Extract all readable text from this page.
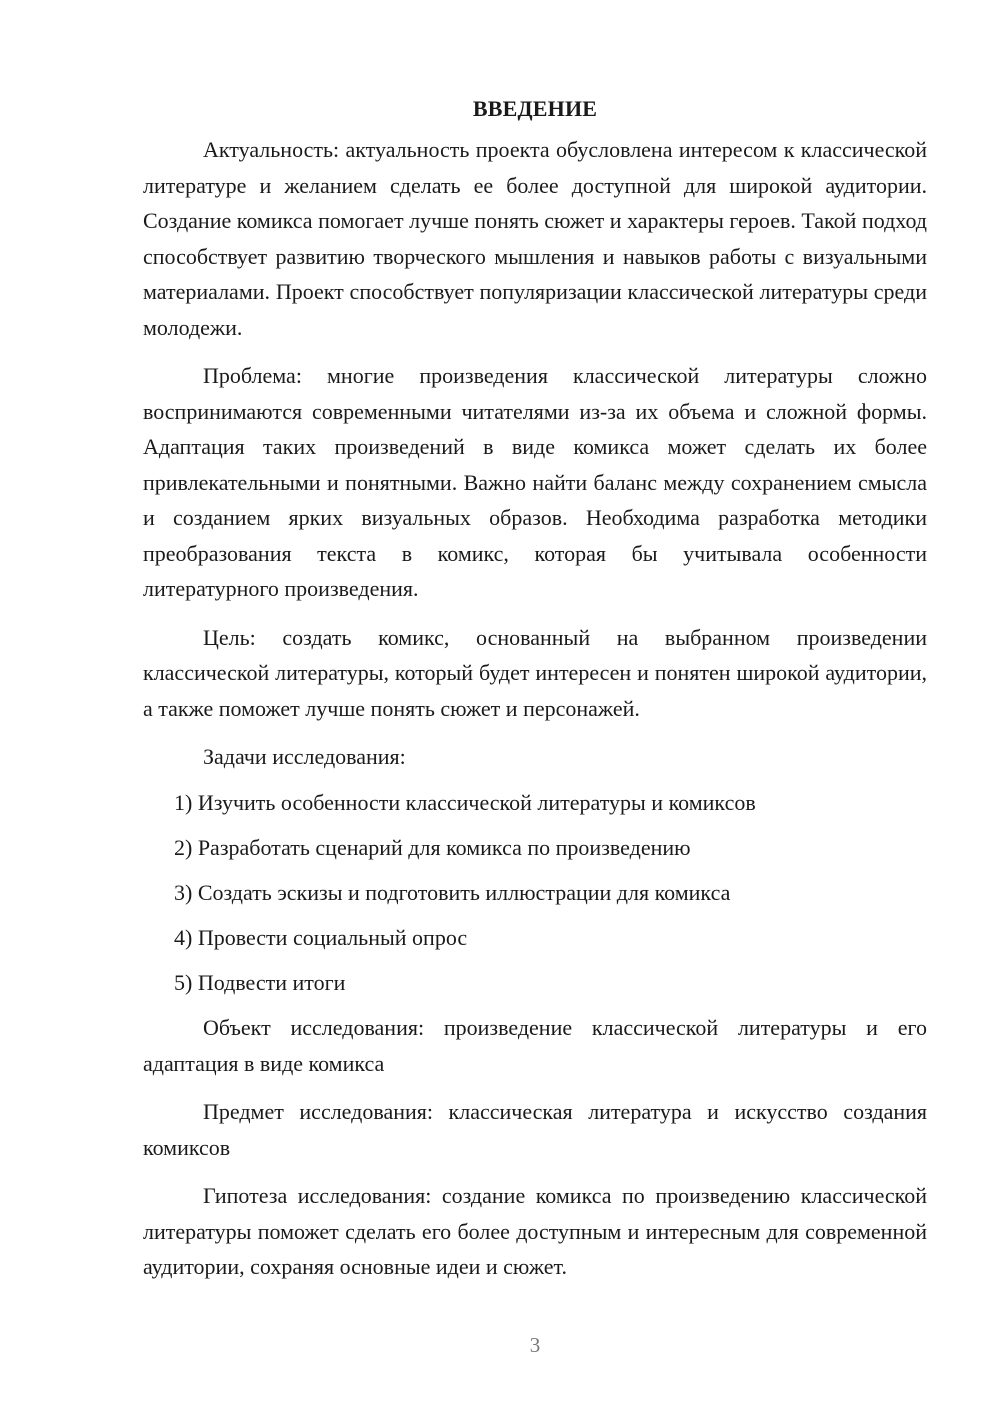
ВВЕДЕНИЕ

Актуальность: актуальность проекта обусловлена интересом к классической литературе и желанием сделать ее более доступной для широкой аудитории. Создание комикса помогает лучше понять сюжет и характеры героев. Такой подход способствует развитию творческого мышления и навыков работы с визуальными материалами. Проект способствует популяризации классической литературы среди молодежи.

Проблема: многие произведения классической литературы сложно воспринимаются современными читателями из-за их объема и сложной формы. Адаптация таких произведений в виде комикса может сделать их более привлекательными и понятными. Важно найти баланс между сохранением смысла и созданием ярких визуальных образов. Необходима разработка методики преобразования текста в комикс, которая бы учитывала особенности литературного произведения.

Цель: создать комикс, основанный на выбранном произведении классической литературы, который будет интересен и понятен широкой аудитории, а также поможет лучше понять сюжет и персонажей.

Задачи исследования:
1) Изучить особенности классической литературы и комиксов
2) Разработать сценарий для комикса по произведению
3) Создать эскизы и подготовить иллюстрации для комикса
4) Провести социальный опрос
5) Подвести итоги

Объект исследования: произведение классической литературы и его адаптация в виде комикса

Предмет исследования: классическая литература и искусство создания комиксов

Гипотеза исследования: создание комикса по произведению классической литературы поможет сделать его более доступным и интересным для современной аудитории, сохраняя основные идеи и сюжет.

3
